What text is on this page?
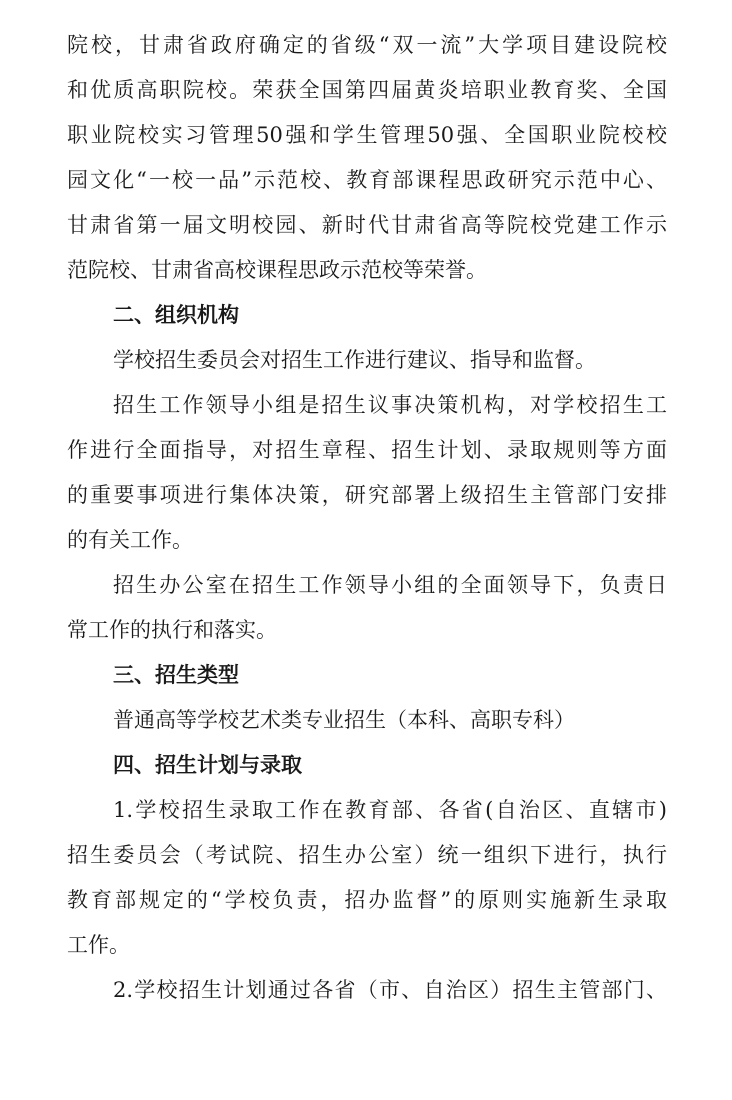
院校，甘肃省政府确定的省级“双一流”大学项目建设院校
和优质高职院校。荣获全国第四届黄炎培职业教育奖、全国
职业院校实习管理50强和学生管理50强、全国职业院校校
园文化“一校一品”示范校、教育部课程思政研究示范中心、
甘肃省第一届文明校园、新时代甘肃省高等院校党建工作示
范院校、甘肃省高校课程思政示范校等荣誉。
二、组织机构
学校招生委员会对招生工作进行建议、指导和监督。
招生工作领导小组是招生议事决策机构，对学校招生工
作进行全面指导，对招生章程、招生计划、录取规则等方面
的重要事项进行集体决策，研究部署上级招生主管部门安排
的有关工作。
招生办公室在招生工作领导小组的全面领导下，负责日
常工作的执行和落实。
三、招生类型
普通高等学校艺术类专业招生（本科、高职专科）
四、招生计划与录取
1.学校招生录取工作在教育部、各省(自治区、直辖市)
招生委员会（考试院、招生办公室）统一组织下进行，执行
教育部规定的“学校负责，招办监督”的原则实施新生录取
工作。
2.学校招生计划通过各省（市、自治区）招生主管部门、
